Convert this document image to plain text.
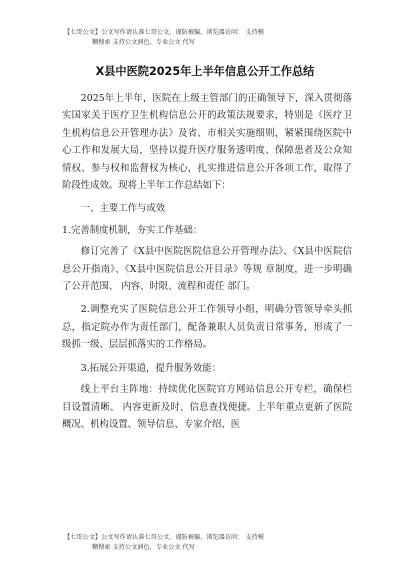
【七哥公文】公文写作请认准七哥公文，谨防被骗，浏览器访问： 支持模
糊搜索 支持公文润色，专业公文 代写
X县中医院2025年上半年信息公开工作总结

2025年上半年，医院在上级主管部门的正确领导下，深入贯彻落实国家关于医疗卫生机构信息公开的政策法规要求，特别是《医疗卫生机构信息公开管理办法》及省、市相关实施细则，紧紧围绕医院中心工作和发展大局，坚持以提升医疗服务透明度、保障患者及公众知情权、参与权和监督权为核心，扎实推进信息公开各项工作，取得了阶段性成效。现将上半年工作总结如下：

一、主要工作与成效

1.完善制度机制，夯实工作基础：

修订完善了《X县中医院医院信息公开管理办法》、《X县中医院信息公开指南》、《X县中医院信息公开目录》等规 章制度，进一步明确了公开范围、 内容、时限、流程和责任 部门。

2.调整充实了医院信息公开工作领导小组，明确分管领导牵头抓总，指定院办作为责任部门，配备兼职人员负责日常事务，形成了一级抓一级、层层抓落实的工作格局。

3.拓展公开渠道，提升服务效能：

线上平台主阵地：持续优化医院官方网站信息公开专栏，确保栏目设置清晰、 内容更新及时、信息查找便捷。上半年重点更新了医院概况、机构设置、领导信息、专家介绍、医

【七哥公文】公文写作请认准七哥公文，谨防被骗，浏览器访问： 支持模
糊搜索 支持公文润色，专业公文 代写
